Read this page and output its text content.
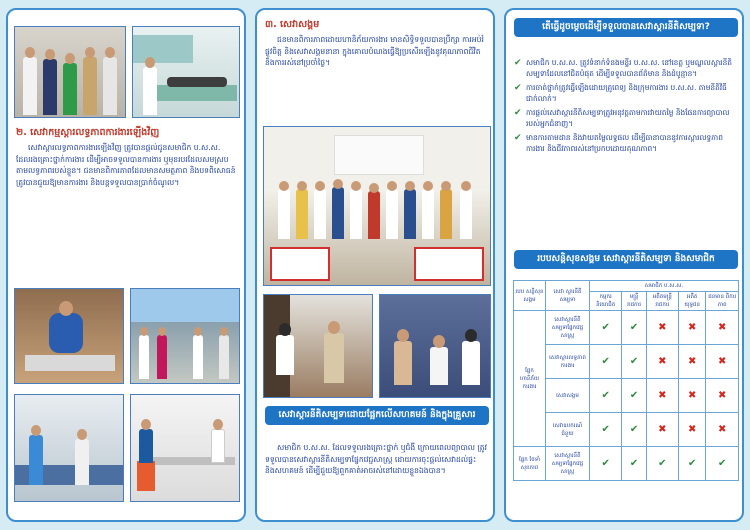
២. សេវាកម្មស្តារលទ្ធភាពការងារឡើងវិញ

សេវាស្តារលទ្ធភាពការងារឡើងវិញ ត្រូវបានផ្តល់ជូនសមាជិក ប.ស.ស. ដែលរងគ្រោះថ្នាក់ការងារ ដើម្បីអាចទទួលបានការងារ ឬមុខរបរដែលសមស្របតាមលទ្ធភាពរបស់ខ្លួន។ ជនមានពិការភាពដែលមានសមត្ថភាព និងបទពិសោធន៍ ត្រូវបានជួយឱ្យមានការងារ និងបន្តទទួលបានប្រាក់ចំណូល។

៣. សេវាសង្គម

ជនមានពិការភាពដោយហានិភ័យការងារ មានសិទ្ធិទទួលបានប្រឹក្សា ការអប់រំផ្លូវចិត្ត និងសេវាសង្គមនានា ក្នុងគោលបំណងធ្វើឱ្យប្រសើរឡើងនូវគុណភាពជីវិត និងការរស់នៅប្រចាំថ្ងៃ។

សេវាស្តារនីតិសម្បទាដោយផ្អែកលើសហគមន៍ និងក្នុងគ្រួសារ

សមាជិក ប.ស.ស. ដែលទទួលរងគ្រោះថ្នាក់ ឬជំងឺ ក្រោយពេលព្យាបាល ត្រូវទទួលបានសេវាស្តារនីតិសម្បទាផ្នែកវេជ្ជសាស្ត្រ ដោយការចុះផ្តល់សេវាដល់ផ្ទះ និងសហគមន៍ ដើម្បីជួយឱ្យពួកគាត់អាចរស់នៅដោយខ្លួនឯងបាន។

តើធ្វើដូចម្តេចដើម្បីទទួលបានសេវាស្តារនីតិសម្បទា?
✔ សមាជិក ប.ស.ស. ត្រូវទំនាក់ទំនងមន្ទីរ ប.ស.ស. នៅខេត្ត ឬមណ្ឌលស្តារនីតិសម្បទាដែលនៅជិតបំផុត ដើម្បីទទួលបានព័ត៌មាន និងដំបូន្មាន។
✔ ការចាត់ថ្នាក់ត្រូវធ្វើឡើងដោយគ្រូពេទ្យ និងក្រុមការងារ ប.ស.ស. តាមនីតិវិធីជាក់លាក់។
✔ ការផ្តល់សេវាស្តារនីតិសម្បទាត្រូវអនុវត្តតាមការវាយតម្លៃ និងផែនការព្យាបាលរបស់អ្នកជំនាញ។
✔ មានការតាមដាន និងវាយតម្លៃលទ្ធផល ដើម្បីធានាបាននូវការស្តារលទ្ធភាពការងារ និងជីវភាពរស់នៅប្រកបដោយគុណភាព។
របបសន្តិសុខសង្គម សេវាស្តារនីតិសម្បទា និងសមាជិក
របប សន្តិសុខសង្គម	សេវា ស្តារនីតិសម្បទា	សមាជិក ប.ស.ស.				
		កម្មករ និយោជិត	មន្ត្រី រាជការ	អតីតមន្ត្រី រាជការ	អតីត យុទ្ធជន	ជនមាន ពិការភាព
ផ្នែក ហានិភ័យការងារ	សេវាស្តារនីតិសម្បទាផ្នែកវេជ្ជសាស្ត្រ	✔	✔	✖	✖	✖
	សេវាស្តារលទ្ធភាពការងារ	✔	✔	✖	✖	✖
	សេវាសង្គម	✔	✔	✖	✖	✖
	សេវាឧបករណ៍ជំនួយ	✔	✔	✖	✖	✖
ផ្នែក ថែទាំសុខភាព	សេវាស្តារនីតិសម្បទាផ្នែកវេជ្ជសាស្ត្រ	✔	✔	✔	✔	✔
